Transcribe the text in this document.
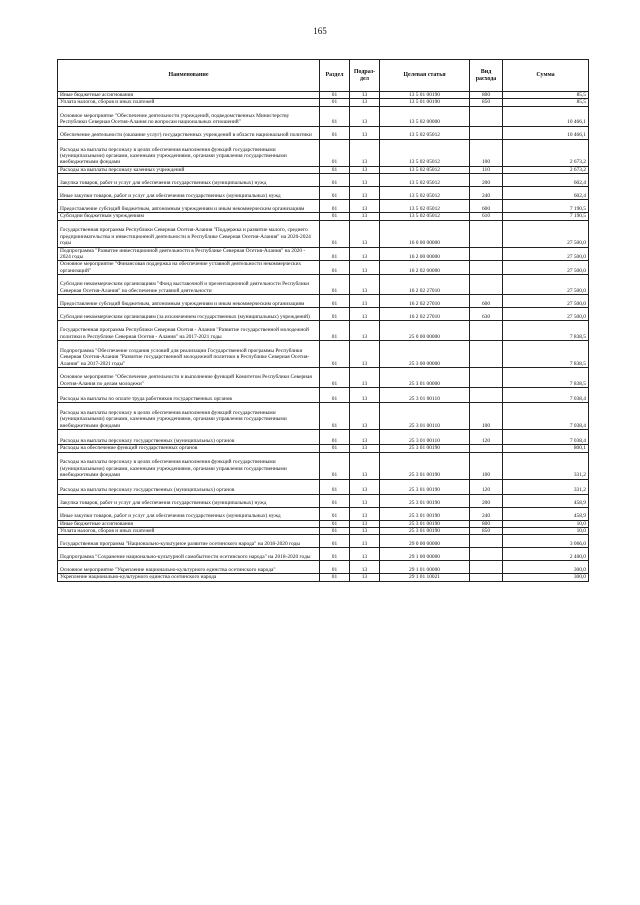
165
Наименование	Раздел	Подраз- дел	Целевая статья	Вид расхода	Сумма
Иные бюджетные ассигнования	01	13	13 5 01 00190	800	85,5
Уплата налогов, сборов и иных платежей	01	13	13 5 01 00190	850	85,5
Основное мероприятие "Обеспечение деятельности учреждений, подведомственных Министерству Республики Северная Осетия-Алания по вопросам национальных отношений"	01	13	13 5 02 00000		10 466,1
Обеспечение деятельности (оказание услуг) государственных учреждений в области национальной политики	01	13	13 5 02 05012		10 466,1
Расходы на выплаты персоналу в целях обеспечения выполнения функций государственными (муниципальными) органами, казенными учреждениями, органами управления государственными внебюджетными фондами	01	13	13 5 02 05012	100	2 673,2
Расходы на выплаты персоналу казенных учреждений	01	13	13 5 02 05012	110	2 673,2
Закупка товаров, работ и услуг для обеспечения государственных (муниципальных) нужд	01	13	13 5 02 05012	200	602,4
Иные закупки товаров, работ и услуг для обеспечения государственных (муниципальных) нужд	01	13	13 5 02 05012	240	602,4
Предоставление субсидий бюджетным, автономным учреждениям и иным некоммерческим организациям	01	13	13 5 02 05012	600	7 190,5
Субсидии бюджетным учреждениям	01	13	13 5 02 05012	610	7 190,5
Государственная программа Республики Северная Осетия-Алания "Поддержка и развитие малого, среднего предпринимательства и инвестиционной деятельности в Республике Северная Осетия-Алания" на 2020-2024 годы	01	13	16 0 00 00000		27 500,0
Подпрограмма "Развитие инвестиционной деятельности в Республике Северная Осетия-Алания" на 2020 - 2024 годы	01	13	16 2 00 00000		27 500,0
Основное мероприятие "Финансовая поддержка на обеспечение уставной деятельности некоммерческих организаций"	01	13	16 2 02 00000		27 500,0
Субсидии некоммерческим организациям "Фонд выставочной и презентационной деятельности Республики Северная Осетия-Алания" на обеспечение уставной деятельности	01	13	16 2 02 27010		27 500,0
Предоставление субсидий бюджетным, автономным учреждениям и иным некоммерческим организациям	01	13	16 2 02 27010	600	27 500,0
Субсидии некоммерческим организациям (за исключением государственных (муниципальных) учреждений)	01	13	16 2 02 27010	630	27 500,0
Государственная программа Республики Северная Осетия - Алания "Развитие государственной молодежной политики в Республике Северная Осетия - Алания" на 2017-2021 годы	01	13	25 0 00 00000		7 838,5
Подпрограмма "Обеспечение создания условий для реализации Государственной программы Республики Северная Осетия-Алания "Развитие государственной молодежной политики в Республике Северная Осетия-Алания" на 2017-2021 годы"	01	13	25 3 00 00000		7 838,5
Основное мероприятие "Обеспечение деятельности и выполнение функций Комитетом Республики Северная Осетия-Алания по делам молодежи"	01	13	25 3 01 00000		7 838,5
Расходы на выплаты по оплате труда работников государственных органов	01	13	25 3 01 00110		7 038,4
Расходы на выплаты персоналу в целях обеспечения выполнения функций государственными (муниципальными) органами, казенными учреждениями, органами управления государственными внебюджетными фондами	01	13	25 3 01 00110	100	7 038,4
Расходы на выплаты персоналу государственных (муниципальных) органов	01	13	25 3 01 00110	120	7 038,4
Расходы на обеспечение функций государственных органов	01	13	25 3 01 00190		800,1
Расходы на выплаты персоналу в целях обеспечения выполнения функций государственными (муниципальными) органами, казенными учреждениями, органами управления государственными внебюджетными фондами	01	13	25 3 01 00190	100	331,2
Расходы на выплаты персоналу государственных (муниципальных) органов	01	13	25 3 01 00190	120	331,2
Закупка товаров, работ и услуг для обеспечения государственных (муниципальных) нужд	01	13	25 3 01 00190	200	458,9
Иные закупки товаров, работ и услуг для обеспечения государственных (муниципальных) нужд	01	13	25 3 01 00190	240	458,9
Иные бюджетные ассигнования	01	13	25 3 01 00190	800	10,0
Уплата налогов, сборов и иных платежей	01	13	25 3 01 00190	850	10,0
Государственная программа "Национально-культурное развитие осетинского народа" на 2018-2020 годы	01	13	29 0 00 00000		3 066,0
Подпрограмма "Сохранение национально-культурной самобытности осетинского народа" на 2018-2020 годы	01	13	29 1 00 00000		2 400,0
Основное мероприятие "Укрепление национально-культурного единства осетинского народа"	01	13	29 1 01 00000		300,0
Укрепление национально-культурного единства осетинского народа	01	13	29 1 01 10021		300,0
